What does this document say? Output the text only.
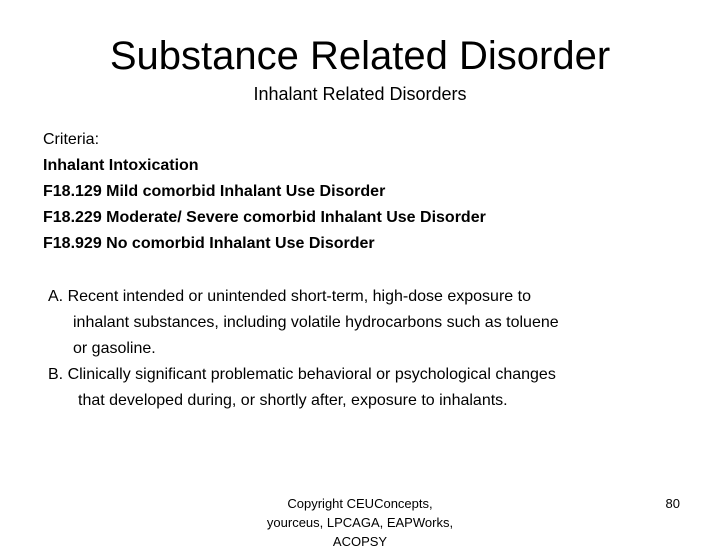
Substance Related Disorder
Inhalant Related Disorders
Criteria:
Inhalant Intoxication
F18.129 Mild comorbid Inhalant Use Disorder
F18.229 Moderate/ Severe comorbid Inhalant Use Disorder
F18.929 No comorbid Inhalant Use Disorder
A. Recent intended or unintended short-term, high-dose exposure to
inhalant substances, including volatile hydrocarbons such as toluene
or gasoline.
B. Clinically significant problematic behavioral or psychological changes
that developed during, or shortly after, exposure to inhalants.
Copyright CEUConcepts,
yourceus, LPCAGA, EAPWorks,
ACOPSY
80
